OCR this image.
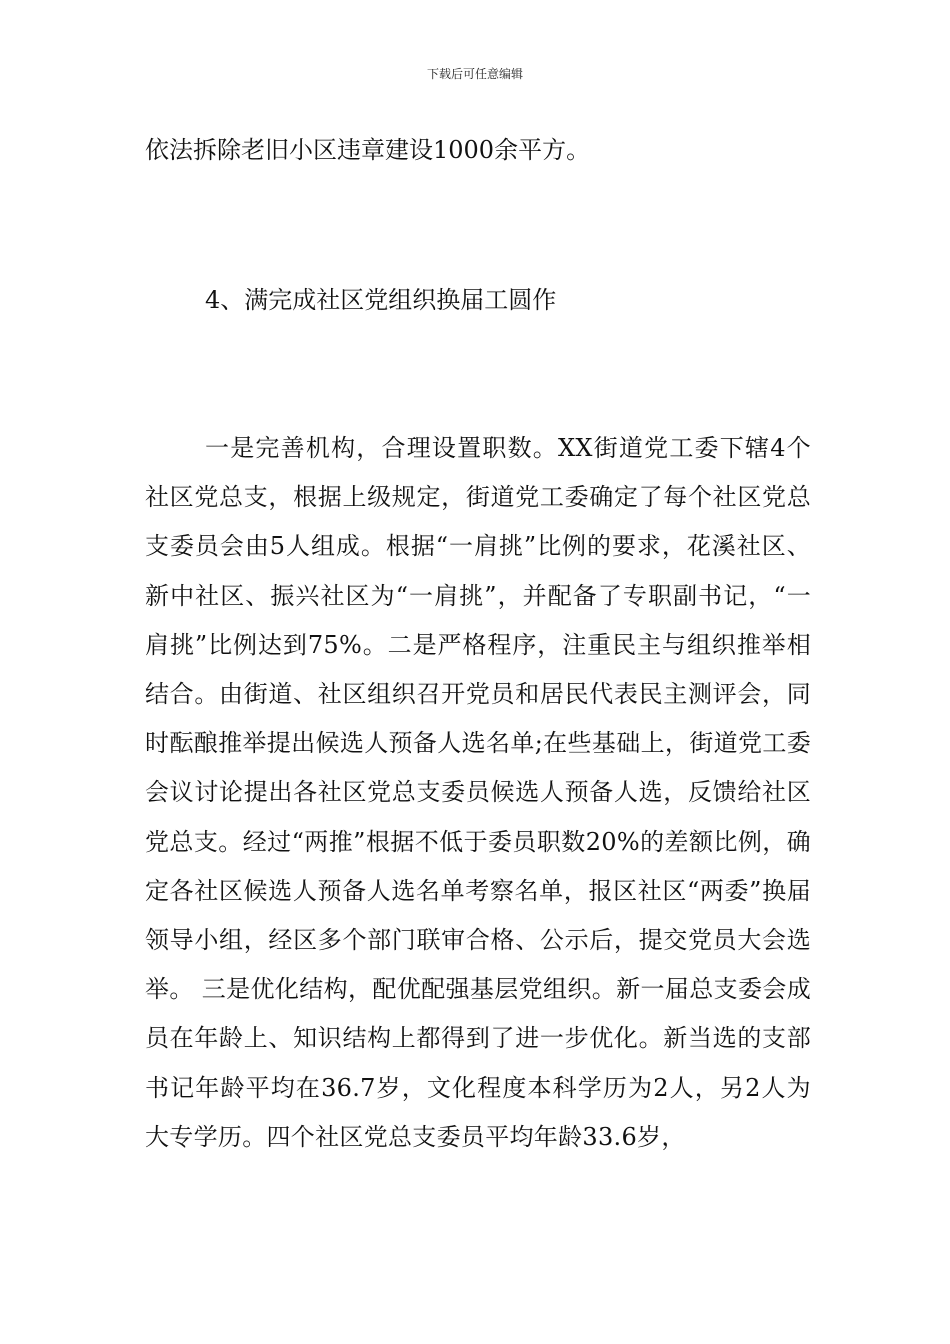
下载后可任意编辑

依法拆除老旧小区违章建设1000余平方。

4、满完成社区党组织换届工圆作

一是完善机构，合理设置职数。XX街道党工委下辖4个社区党总支，根据上级规定，街道党工委确定了每个社区党总支委员会由5人组成。根据“一肩挑”比例的要求，花溪社区、新中社区、振兴社区为“一肩挑”，并配备了专职副书记，“一肩挑”比例达到75%。二是严格程序，注重民主与组织推举相结合。由街道、社区组织召开党员和居民代表民主测评会，同时酝酿推举提出候选人预备人选名单;在些基础上，街道党工委会议讨论提出各社区党总支委员候选人预备人选，反馈给社区党总支。经过“两推”根据不低于委员职数20%的差额比例，确定各社区候选人预备人选名单考察名单，报区社区“两委”换届领导小组，经区多个部门联审合格、公示后，提交党员大会选举。 三是优化结构，配优配强基层党组织。新一届总支委会成员在年龄上、知识结构上都得到了进一步优化。新当选的支部书记年龄平均在36.7岁，文化程度本科学历为2人，另2人为大专学历。四个社区党总支委员平均年龄33.6岁，
